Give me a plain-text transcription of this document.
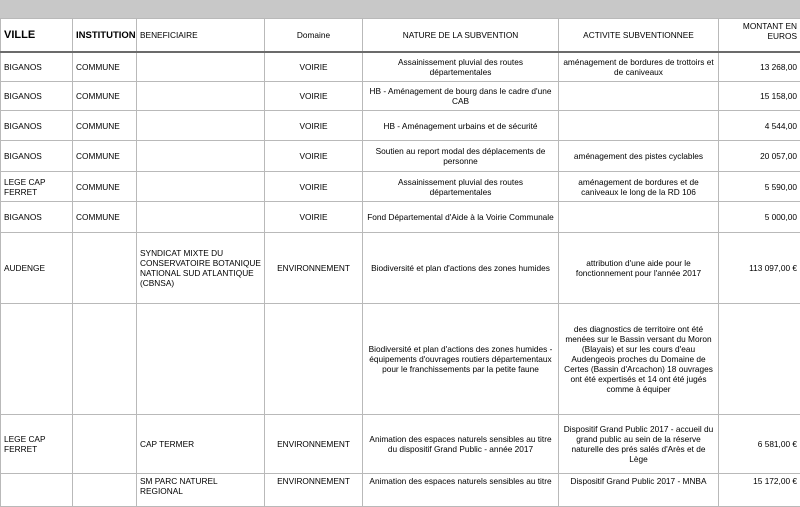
VILLE	INSTITUTION	BENEFICIAIRE	Domaine	NATURE DE LA SUBVENTION	ACTIVITE SUBVENTIONNEE	MONTANT EN EUROS
BIGANOS	COMMUNE		VOIRIE	Assainissement pluvial des routes départementales	aménagement de bordures de trottoirs et de caniveaux	13 268,00
BIGANOS	COMMUNE		VOIRIE	HB - Aménagement de bourg dans le cadre d'une CAB		15 158,00
BIGANOS	COMMUNE		VOIRIE	HB - Aménagement urbains et de sécurité		4 544,00
BIGANOS	COMMUNE		VOIRIE	Soutien au report modal des déplacements de personne	aménagement des pistes cyclables	20 057,00
LEGE CAP FERRET	COMMUNE		VOIRIE	Assainissement pluvial des routes départementales	aménagement de bordures et de caniveaux le long de la RD 106	5 590,00
BIGANOS	COMMUNE		VOIRIE	Fond Départemental d'Aide à la Voirie Communale		5 000,00
AUDENGE		SYNDICAT MIXTE DU CONSERVATOIRE BOTANIQUE NATIONAL SUD ATLANTIQUE (CBNSA)	ENVIRONNEMENT	Biodiversité et plan d'actions des zones humides	attribution d'une aide pour le fonctionnement pour l'année 2017	113 097,00 €
				Biodiversité et plan d'actions des zones humides - équipements d'ouvrages routiers départementaux pour le franchissements par la petite faune	des diagnostics de territoire ont été menées sur le Bassin versant du Moron (Blayais) et sur les cours d'eau Audengeois proches du Domaine de Certes (Bassin d'Arcachon) 18 ouvrages ont été expertisés et 14 ont été jugés comme à équiper	
LEGE CAP FERRET		CAP TERMER	ENVIRONNEMENT	Animation des espaces naturels sensibles au titre du dispositif Grand Public - année 2017	Dispositif Grand Public 2017 - accueil du grand public au sein de la réserve naturelle des prés salés d'Arès et de Lège	6 581,00 €
		SM PARC NATUREL REGIONAL	ENVIRONNEMENT	Animation des espaces naturels sensibles au titre	Dispositif Grand Public 2017 - MNBA	15 172,00 €
